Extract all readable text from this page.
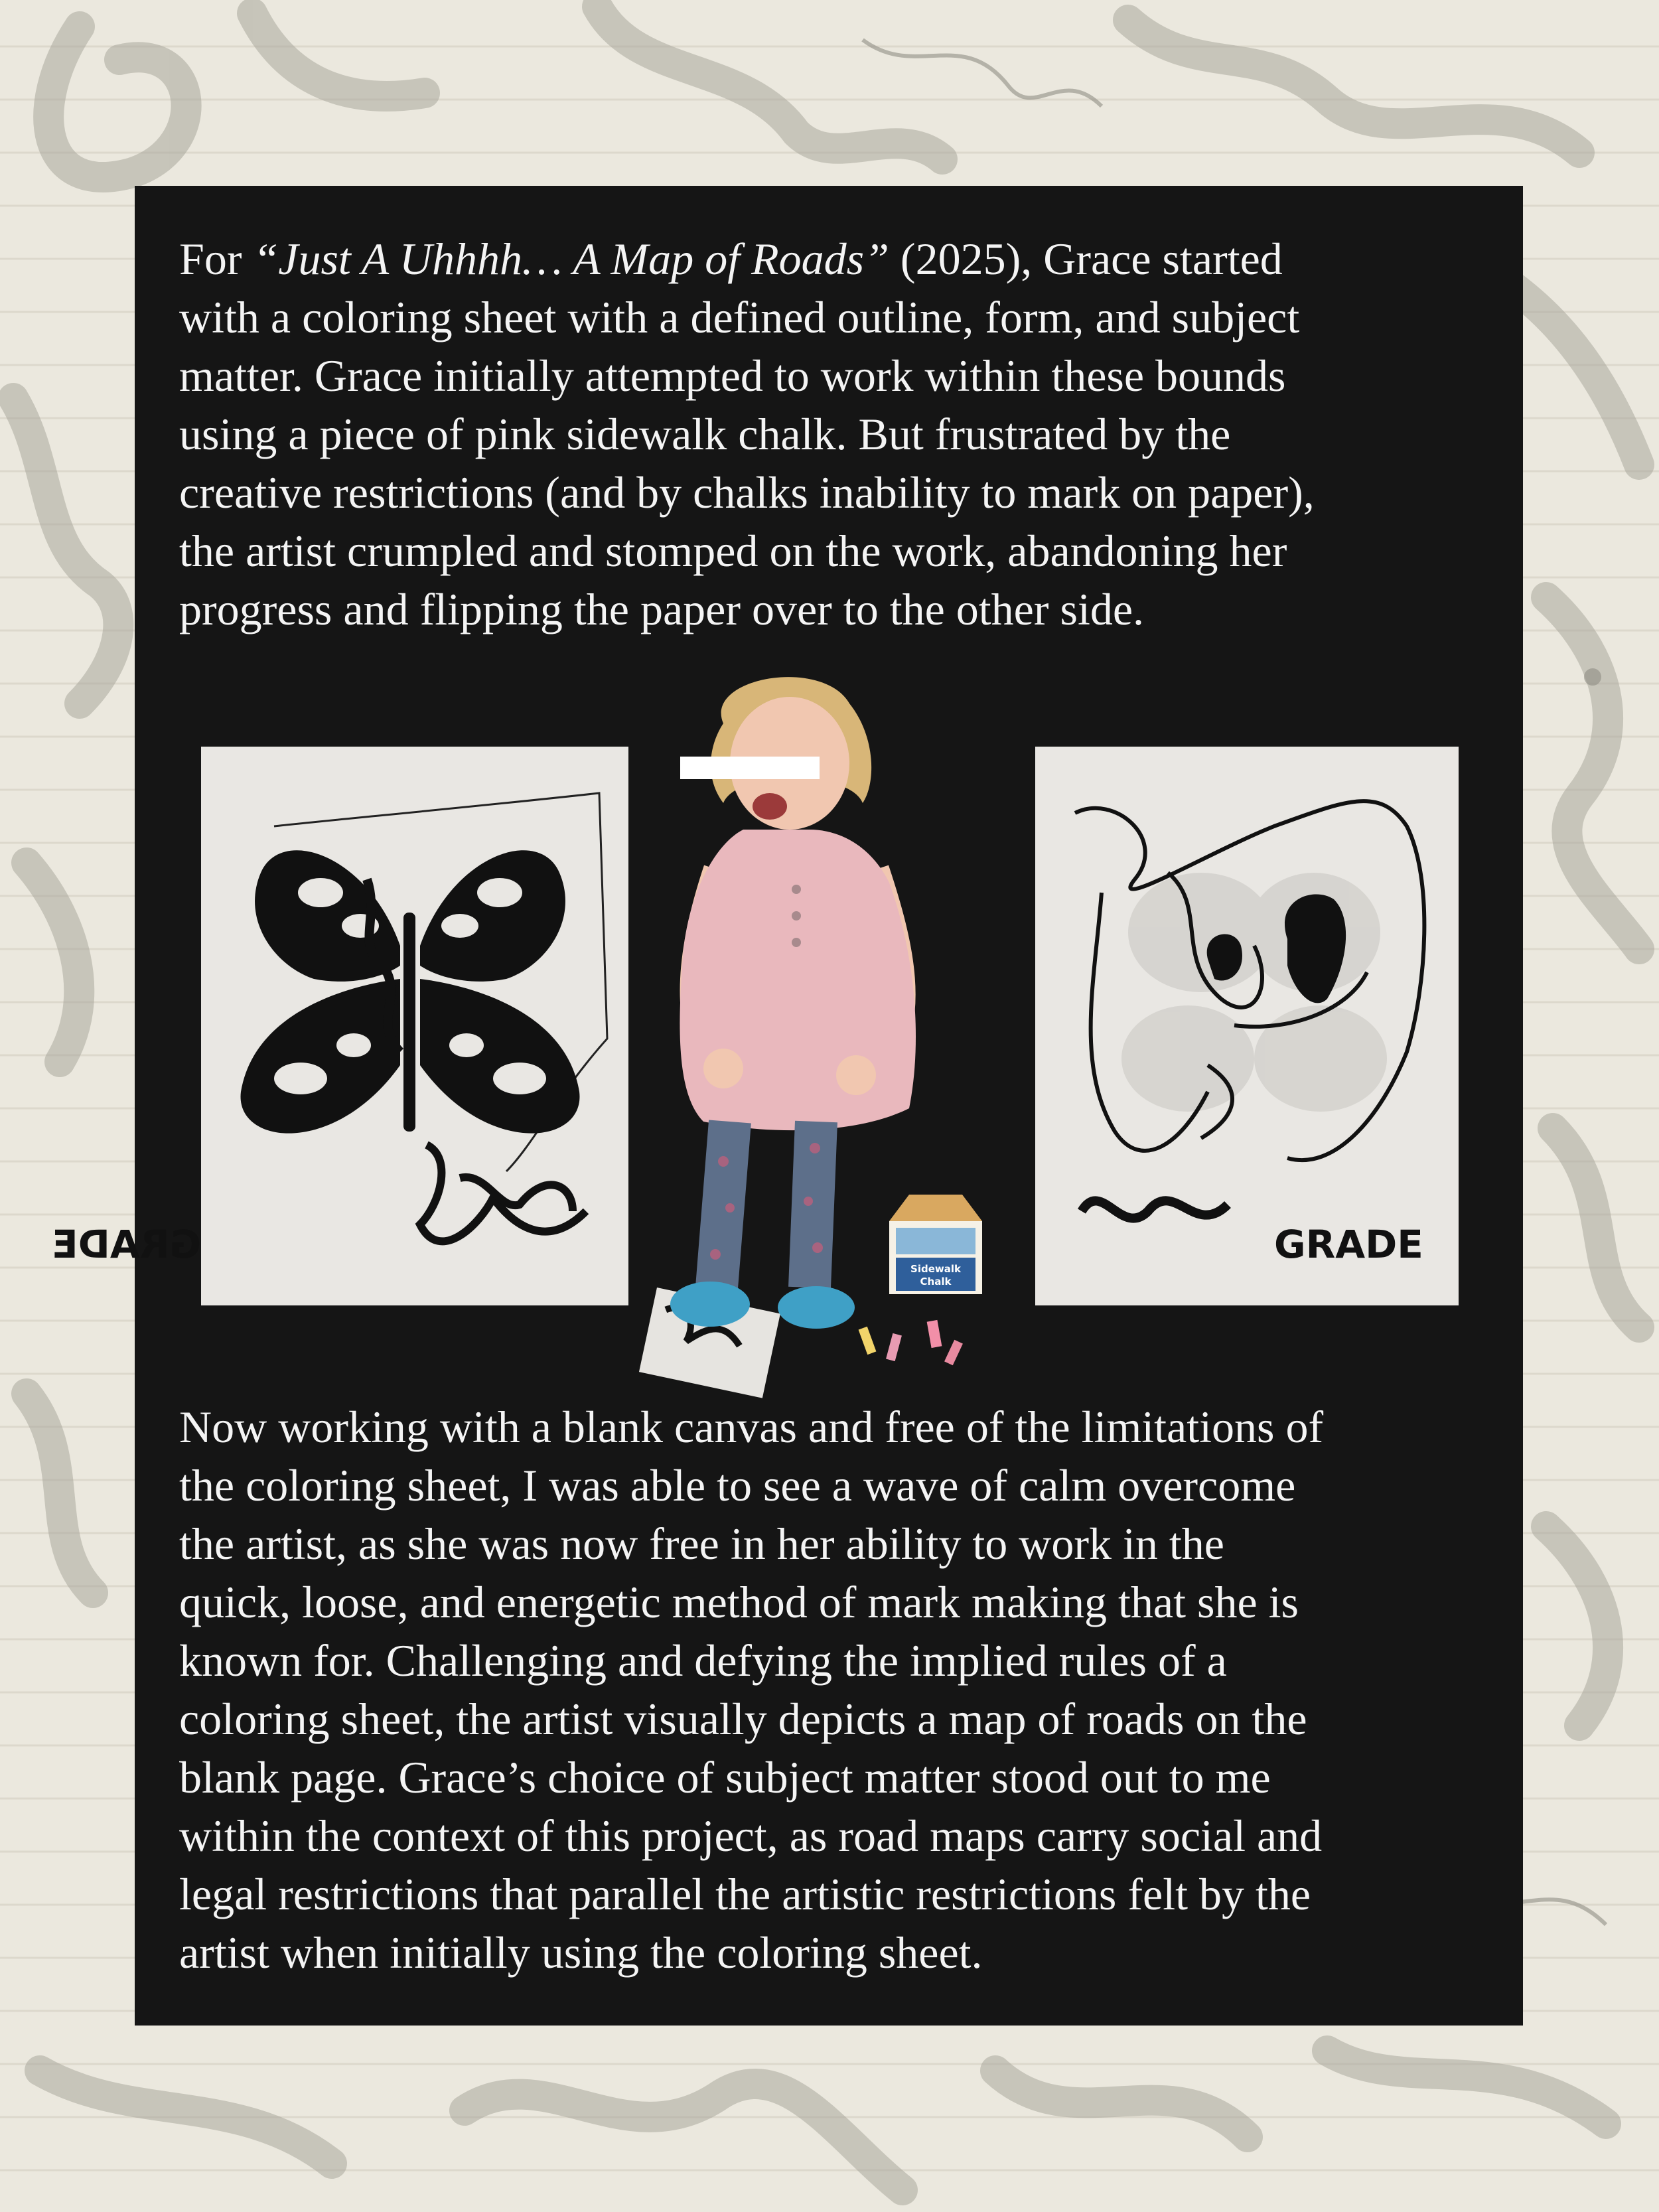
For “Just A Uhhhh… A Map of Roads” (2025), Grace started
with a coloring sheet with a defined outline, form, and subject
matter. Grace initially attempted to work within these bounds
using a piece of pink sidewalk chalk. But frustrated by the
creative restrictions (and by chalks inability to mark on paper),
the artist crumpled and stomped on the work, abandoning her
progress and flipping the paper over to the other side.

GRADE
Sidewalk
Chalk
GRADE

Now working with a blank canvas and free of the limitations of
the coloring sheet, I was able to see a wave of calm overcome
the artist, as she was now free in her ability to work in the
quick, loose, and energetic method of mark making that she is
known for. Challenging and defying the implied rules of a
coloring sheet, the artist visually depicts a map of roads on the
blank page. Grace’s choice of subject matter stood out to me
within the context of this project, as road maps carry social and
legal restrictions that parallel the artistic restrictions felt by the
artist when initially using the coloring sheet.
